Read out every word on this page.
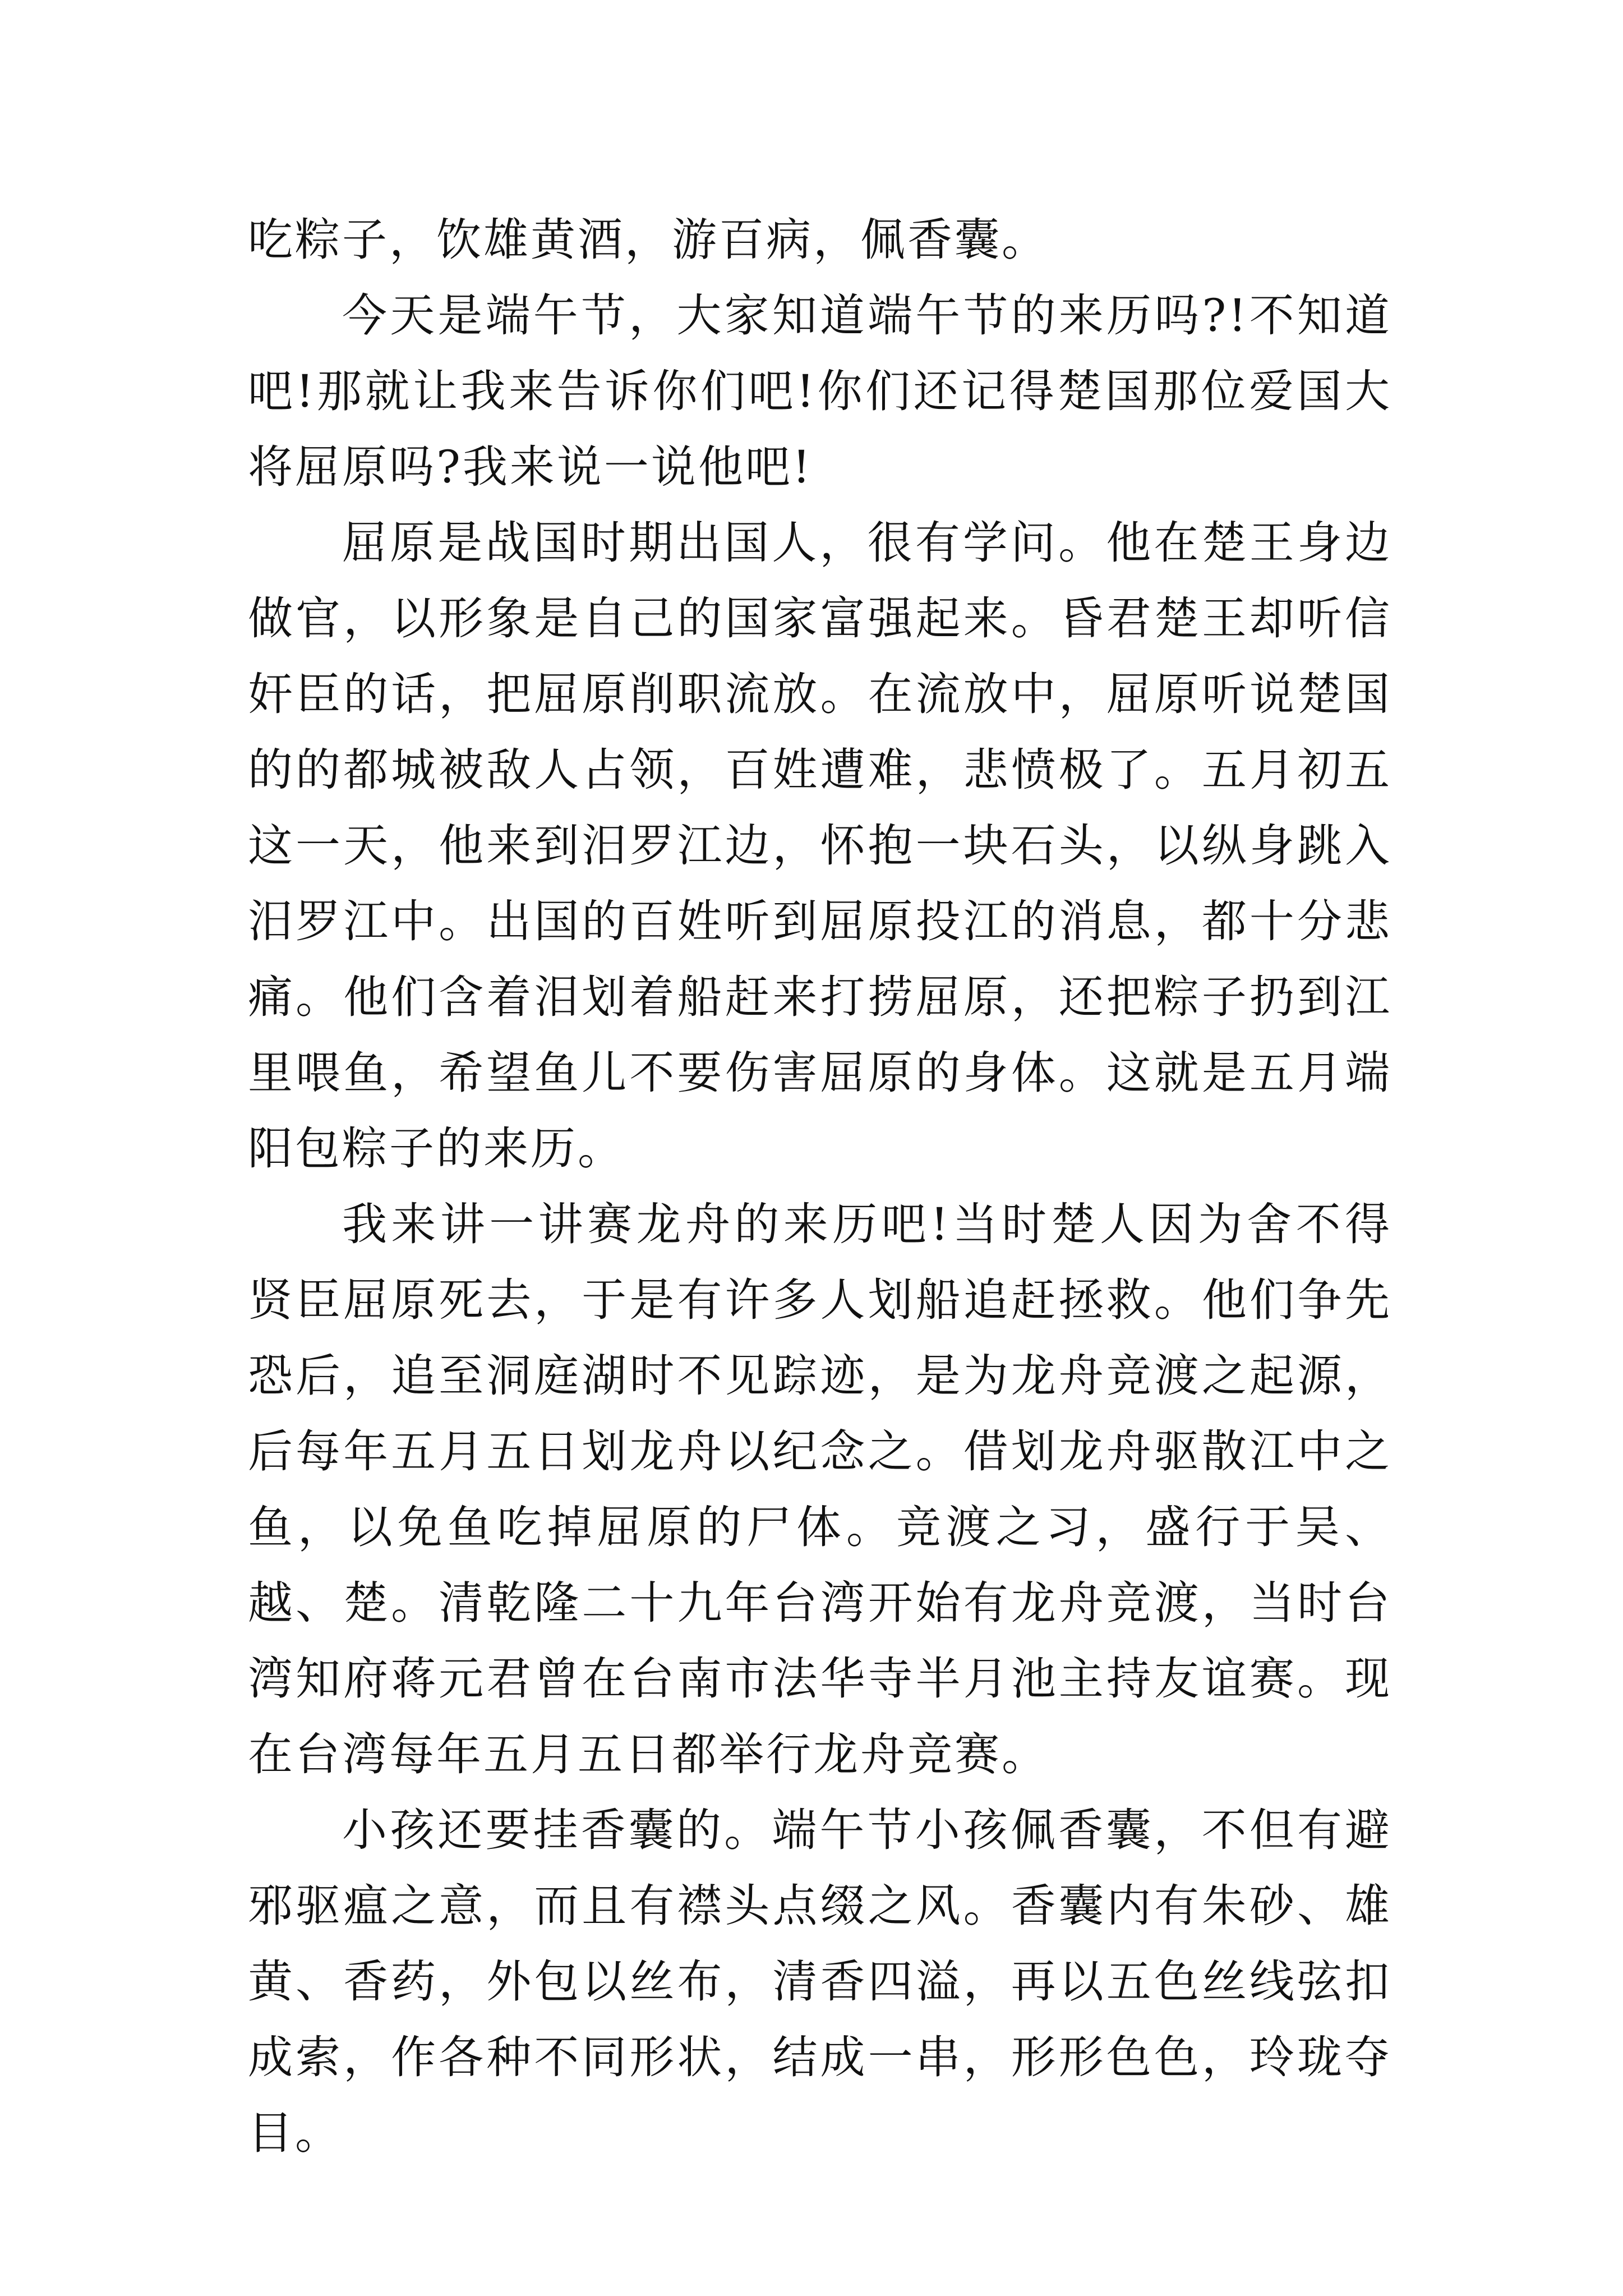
吃粽子，饮雄黄酒，游百病，佩香囊。

今天是端午节，大家知道端午节的来历吗?!不知道吧!那就让我来告诉你们吧!你们还记得楚国那位爱国大将屈原吗?我来说一说他吧!

屈原是战国时期出国人，很有学问。他在楚王身边做官，以形象是自己的国家富强起来。昏君楚王却听信奸臣的话，把屈原削职流放。在流放中，屈原听说楚国的的都城被敌人占领，百姓遭难，悲愤极了。五月初五这一天，他来到汨罗江边，怀抱一块石头，以纵身跳入汨罗江中。出国的百姓听到屈原投江的消息，都十分悲痛。他们含着泪划着船赶来打捞屈原，还把粽子扔到江里喂鱼，希望鱼儿不要伤害屈原的身体。这就是五月端阳包粽子的来历。

我来讲一讲赛龙舟的来历吧!当时楚人因为舍不得贤臣屈原死去，于是有许多人划船追赶拯救。他们争先恐后，追至洞庭湖时不见踪迹，是为龙舟竞渡之起源，后每年五月五日划龙舟以纪念之。借划龙舟驱散江中之鱼，以免鱼吃掉屈原的尸体。竞渡之习，盛行于吴、越、楚。清乾隆二十九年台湾开始有龙舟竞渡，当时台湾知府蒋元君曾在台南市法华寺半月池主持友谊赛。现在台湾每年五月五日都举行龙舟竞赛。

小孩还要挂香囊的。端午节小孩佩香囊，不但有避邪驱瘟之意，而且有襟头点缀之风。香囊内有朱砂、雄黄、香药，外包以丝布，清香四溢，再以五色丝线弦扣成索，作各种不同形状，结成一串，形形色色，玲珑夺目。
